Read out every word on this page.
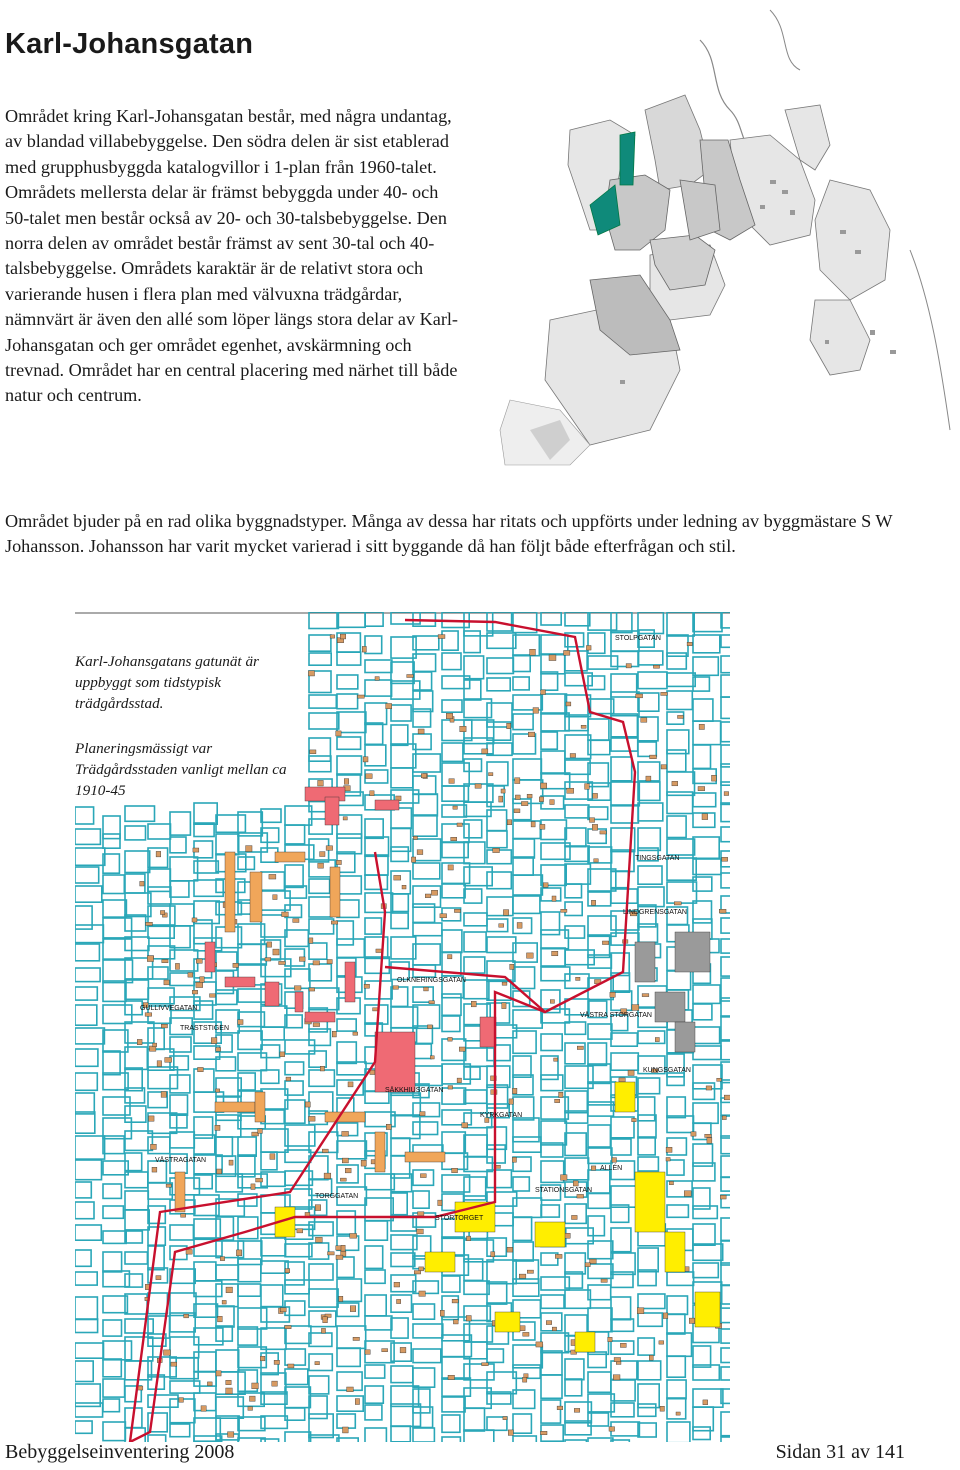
Karl-Johansgatan

Området kring Karl-Johansgatan består, med några undantag, av blandad villabebyggelse. Den södra delen är sist etablerad med grupphusbyggda katalogvillor i 1-plan från 1960-talet. Områdets mellersta delar är främst bebyggda under 40- och 50-talet men består också av 20- och 30-talsbebyggelse. Den norra delen av området består främst av sent 30-tal och 40-talsbebyggelse. Områdets karaktär är de relativt stora och varierande husen i flera plan med välvuxna trädgårdar, nämnvärt är även den allé som löper längs stora delar av Karl-Johansgatan och ger området egenhet, avskärmning och trevnad. Området har en central placering med närhet till både natur och centrum.

Området bjuder på en rad olika byggnadstyper. Många av dessa har ritats och uppförts under ledning av byggmästare S W Johansson. Johansson har varit mycket varierad i sitt byggande då han följt både efterfrågan och stil.

STOLPGATAN
TINGSGATAN
LINDGRENSGATAN
VÄSTRA STORGATAN
OLKNERINGSGATAN
SÄKKHIUSGATAN
TORGGATAN
STORTORGET
TRASTSTIGEN
GULLIVVEGATAN
ALLÉN
STATIONSGATAN
KUNGSGATAN
KYRKGATAN
VÄSTRAGATAN

Karl-Johansgatans gatunät är uppbyggt som tidstypisk trädgårdsstad.

Planeringsmässigt var Trädgårdsstaden vanligt mellan ca 1910-45

Bebyggelseinventering 2008	Sidan 31 av 141
